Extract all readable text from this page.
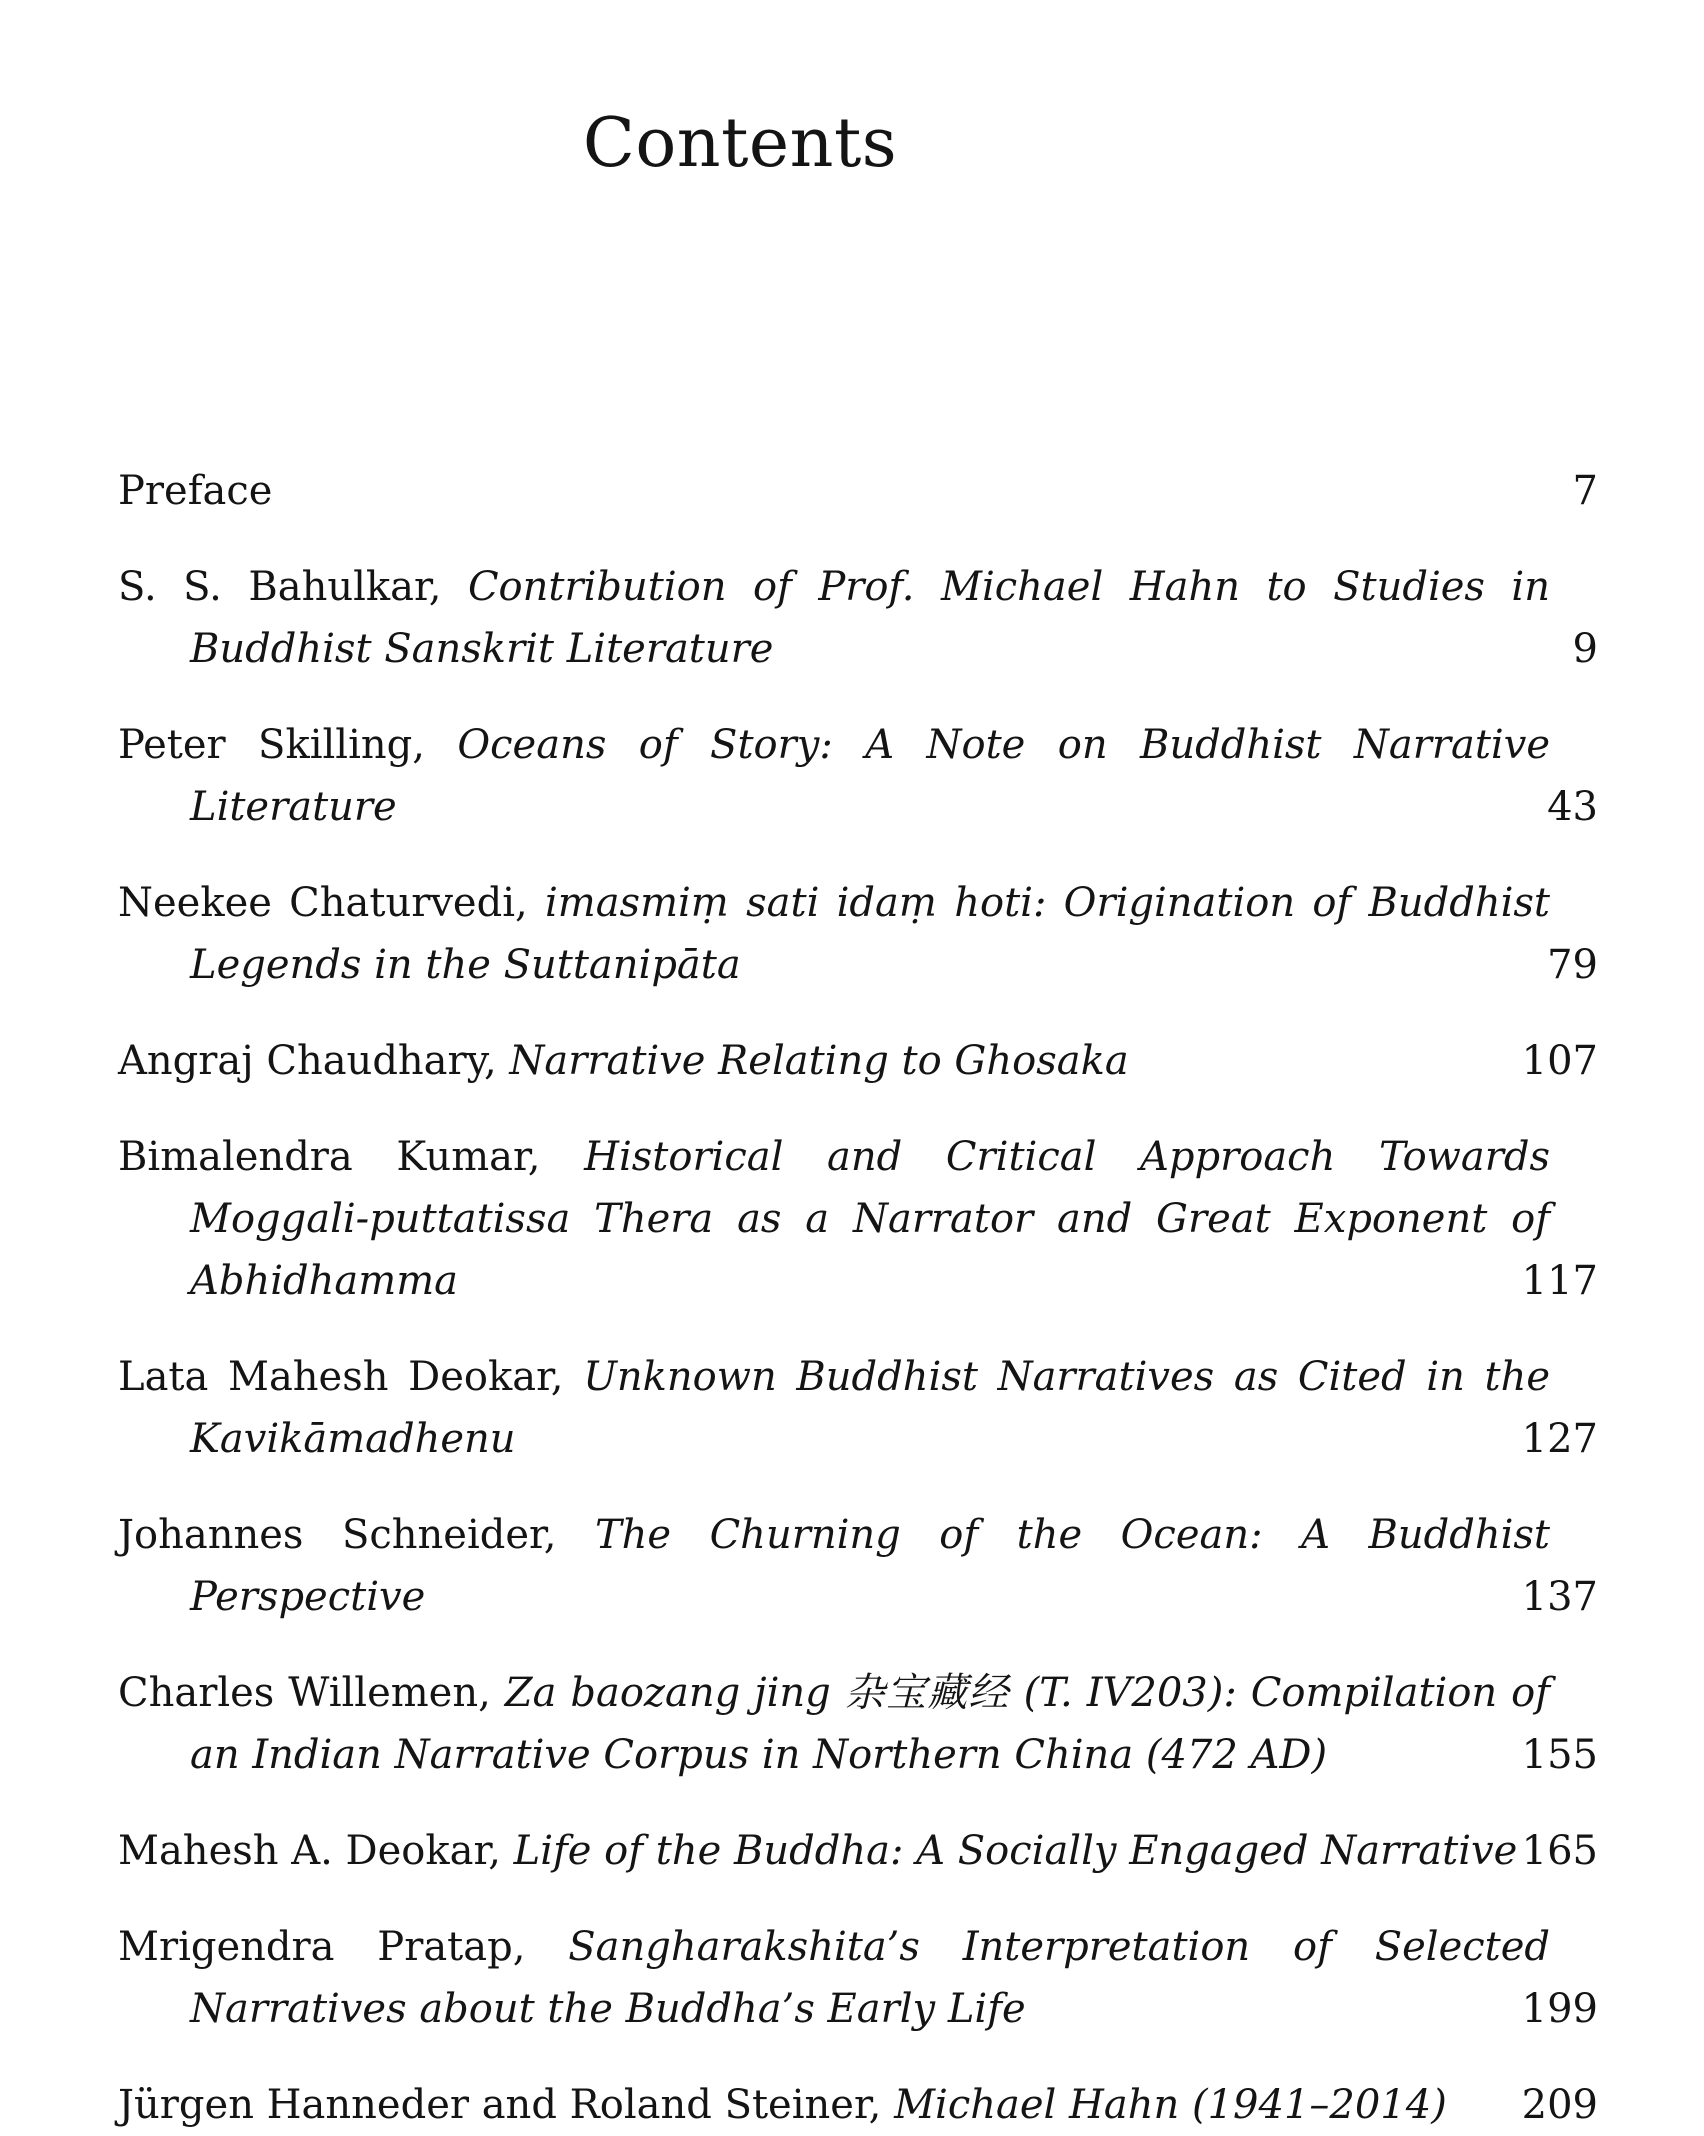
Contents
Preface	7
S. S. Bahulkar, Contribution of Prof. Michael Hahn to Studies in Buddhist Sanskrit Literature	9
Peter Skilling, Oceans of Story: A Note on Buddhist Narrative Literature	43
Neekee Chaturvedi, imasmiṃ sati idaṃ hoti: Origination of Buddhist Legends in the Suttanipāta	79
Angraj Chaudhary, Narrative Relating to Ghosaka	107
Bimalendra Kumar, Historical and Critical Approach Towards Moggali-puttatissa Thera as a Narrator and Great Exponent of Abhidhamma	117
Lata Mahesh Deokar, Unknown Buddhist Narratives as Cited in the Kavikāmadhenu	127
Johannes Schneider, The Churning of the Ocean: A Buddhist Perspective	137
Charles Willemen, Za baozang jing 杂宝藏经 (T. IV203): Compilation of an Indian Narrative Corpus in Northern China (472 AD)	155
Mahesh A. Deokar, Life of the Buddha: A Socially Engaged Narrative 165
Mrigendra Pratap, Sangharakshita’s Interpretation of Selected Narratives about the Buddha’s Early Life	199
Jürgen Hanneder and Roland Steiner, Michael Hahn (1941–2014)	209
